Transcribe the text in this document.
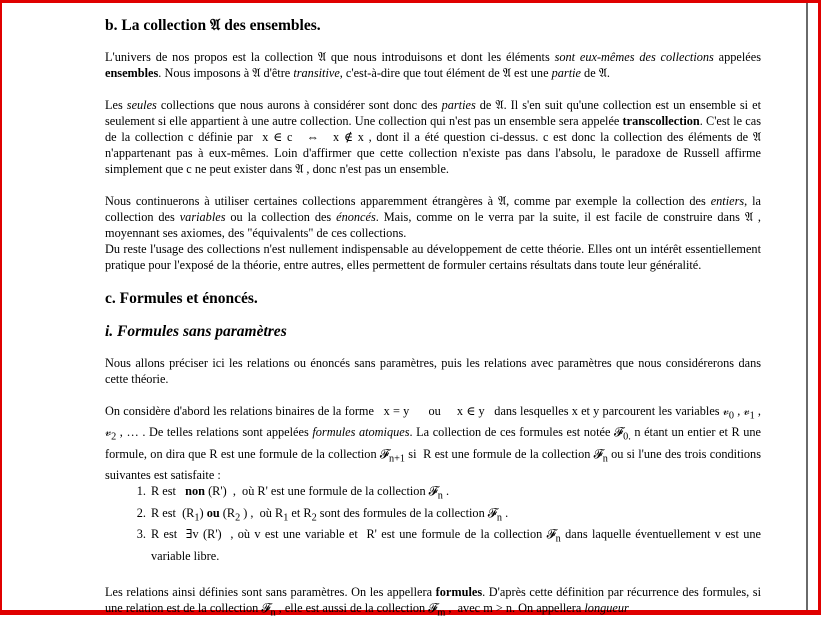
b. La collection 𝔄 des ensembles.

L'univers de nos propos est la collection 𝔄 que nous introduisons et dont les éléments sont eux-mêmes des collections appelées ensembles. Nous imposons à 𝔄 d'être transitive, c'est-à-dire que tout élément de 𝔄 est une partie de 𝔄.

Les seules collections que nous aurons à considérer sont donc des parties de 𝔄. Il s'en suit qu'une collection est un ensemble si et seulement si elle appartient à une autre collection. Une collection qui n'est pas un ensemble sera appelée transcollection. C'est le cas de la collection c définie par  x ∈ c   ⇔   x ∉ x , dont il a été question ci-dessus. c est donc la collection des éléments de 𝔄 n'appartenant pas à eux-mêmes. Loin d'affirmer que cette collection n'existe pas dans l'absolu, le paradoxe de Russell affirme simplement que c ne peut exister dans 𝔄 , donc n'est pas un ensemble.

Nous continuerons à utiliser certaines collections apparemment étrangères à 𝔄, comme par exemple la collection des entiers, la collection des variables ou la collection des énoncés. Mais, comme on le verra par la suite, il est facile de construire dans 𝔄 , moyennant ses axiomes, des "équivalents" de ces collections.

Du reste l'usage des collections n'est nullement indispensable au développement de cette théorie. Elles ont un intérêt essentiellement pratique pour l'exposé de la théorie, entre autres, elles permettent de formuler certains résultats dans toute leur généralité.

c. Formules et énoncés.
i. Formules sans paramètres

Nous allons préciser ici les relations ou énoncés sans paramètres, puis les relations avec paramètres que nous considérerons dans cette théorie.

On considère d'abord les relations binaires de la forme   x = y      ou     x ∈ y   dans lesquelles x et y parcourent les variables 𝓋$_0$ , 𝓋$_1$ , 𝓋$_2$ , … . De telles relations sont appelées formules atomiques. La collection de ces formules est notée 𝓕$_{0.}$ n étant un entier et R une formule, on dira que R est une formule de la collection 𝓕$_{n+1}$ si  R est une formule de la collection 𝓕$_n$ ou si l'une des trois conditions suivantes est satisfaite :

1. R est   non (R')  ,  où R' est une formule de la collection 𝓕$_n$ .
2. R est  $(R_1)$ ou ($R_2$ ) ,  où $R_1$ et $R_2$ sont des formules de la collection 𝓕$_n$ .
3. R est  ∃v (R')  , où v est une variable et  R' est une formule de la collection 𝓕$_n$ dans laquelle éventuellement v est une variable libre.

Les relations ainsi définies sont sans paramètres. On les appellera formules. D'après cette définition par récurrence des formules, si une relation est de la collection 𝓕$_n$ , elle est aussi de la collection 𝓕$_m$ ,  avec m > n. On appellera longueur
